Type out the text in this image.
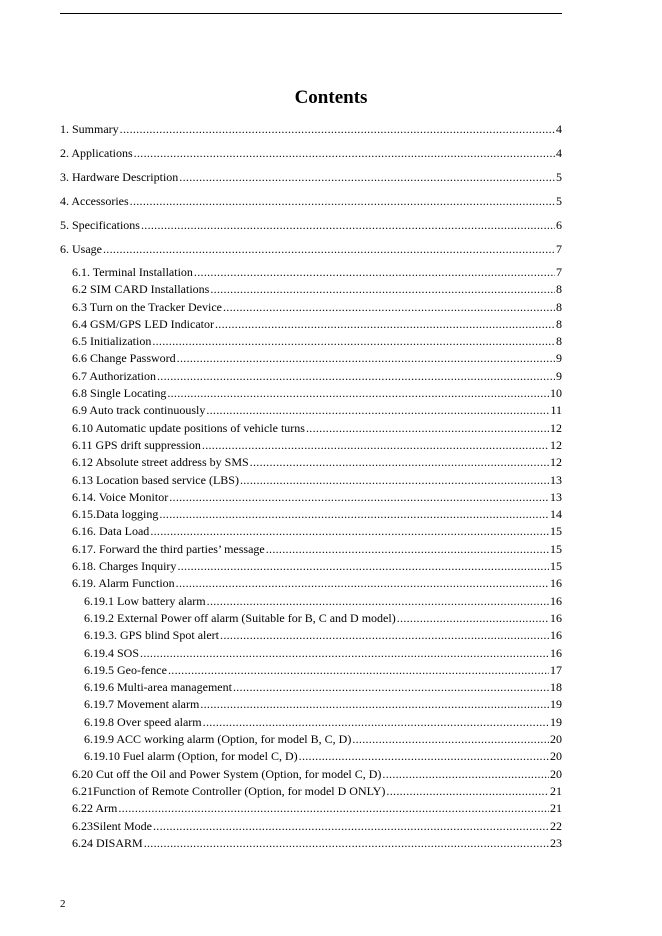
Contents
1. Summary .....	4
2. Applications .....	4
3. Hardware Description .....	5
4. Accessories .....	5
5. Specifications .....	6
6. Usage .....	7
6.1. Terminal Installation .....	7
6.2 SIM CARD Installations .....	8
6.3 Turn on the Tracker Device .....	8
6.4 GSM/GPS LED Indicator .....	8
6.5 Initialization .....	8
6.6 Change Password .....	9
6.7 Authorization .....	9
6.8 Single Locating .....	10
6.9 Auto track continuously .....	11
6.10 Automatic update positions of vehicle turns .....	12
6.11 GPS drift suppression .....	12
6.12 Absolute street address by SMS .....	12
6.13 Location based service (LBS) .....	13
6.14. Voice Monitor .....	13
6.15.Data logging .....	14
6.16. Data Load .....	15
6.17. Forward the third parties’ message .....	15
6.18. Charges Inquiry .....	15
6.19. Alarm Function .....	16
6.19.1 Low battery alarm .....	16
6.19.2 External Power off alarm (Suitable for B, C and D model) .....	16
6.19.3. GPS blind Spot alert .....	16
6.19.4 SOS .....	16
6.19.5 Geo-fence .....	17
6.19.6 Multi-area management .....	18
6.19.7 Movement alarm .....	19
6.19.8 Over speed alarm .....	19
6.19.9 ACC working alarm (Option, for model B, C, D) .....	20
6.19.10 Fuel alarm (Option, for model C, D) .....	20
6.20 Cut off the Oil and Power System (Option, for model C, D) .....	20
6.21Function of Remote Controller (Option, for model D ONLY) .....	21
6.22 Arm .....	21
6.23Silent Mode .....	22
6.24 DISARM .....	23
2
